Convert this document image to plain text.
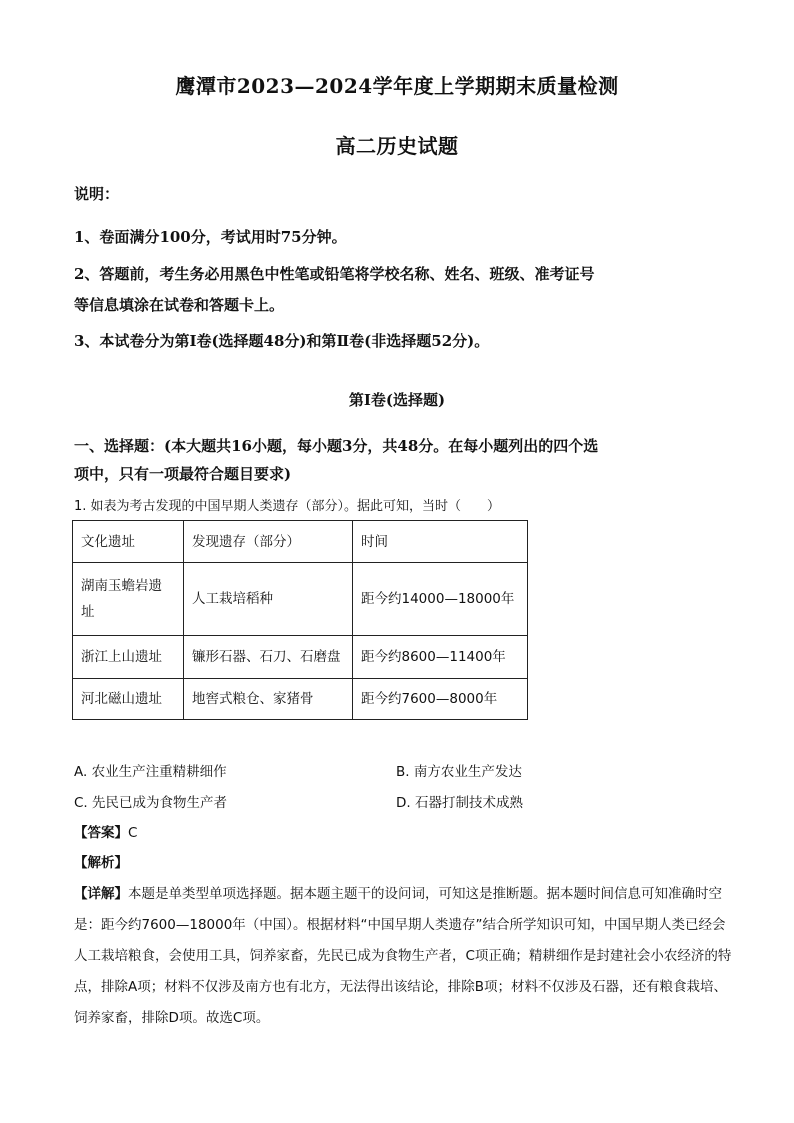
鹰潭市2023—2024学年度上学期期末质量检测
高二历史试题
说明：
1、卷面满分100分，考试用时75分钟。
2、答题前，考生务必用黑色中性笔或铅笔将学校名称、姓名、班级、准考证号
等信息填涂在试卷和答题卡上。
3、本试卷分为第Ⅰ卷(选择题48分)和第Ⅱ卷(非选择题52分)。
第Ⅰ卷(选择题)
一、选择题：(本大题共16小题，每小题3分，共48分。在每小题列出的四个选
项中，只有一项最符合题目要求)
1. 如表为考古发现的中国早期人类遗存（部分）。据此可知，当时（　　）
文化遗址	发现遗存（部分）	时间
湖南玉蟾岩遗址	人工栽培稻种	距今约14000—18000年
浙江上山遗址	镰形石器、石刀、石磨盘	距今约8600—11400年
河北磁山遗址	地窖式粮仓、家猪骨	距今约7600—8000年
A. 农业生产注重精耕细作	B. 南方农业生产发达
C. 先民已成为食物生产者	D. 石器打制技术成熟
【答案】C
【解析】
【详解】本题是单类型单项选择题。据本题主题干的设问词，可知这是推断题。据本题时间信息可知准确时空是：距今约7600—18000年（中国）。根据材料“中国早期人类遗存”结合所学知识可知，中国早期人类已经会人工栽培粮食，会使用工具，饲养家畜，先民已成为食物生产者，C项正确；精耕细作是封建社会小农经济的特点，排除A项；材料不仅涉及南方也有北方，无法得出该结论，排除B项；材料不仅涉及石器，还有粮食栽培、饲养家畜，排除D项。故选C项。
